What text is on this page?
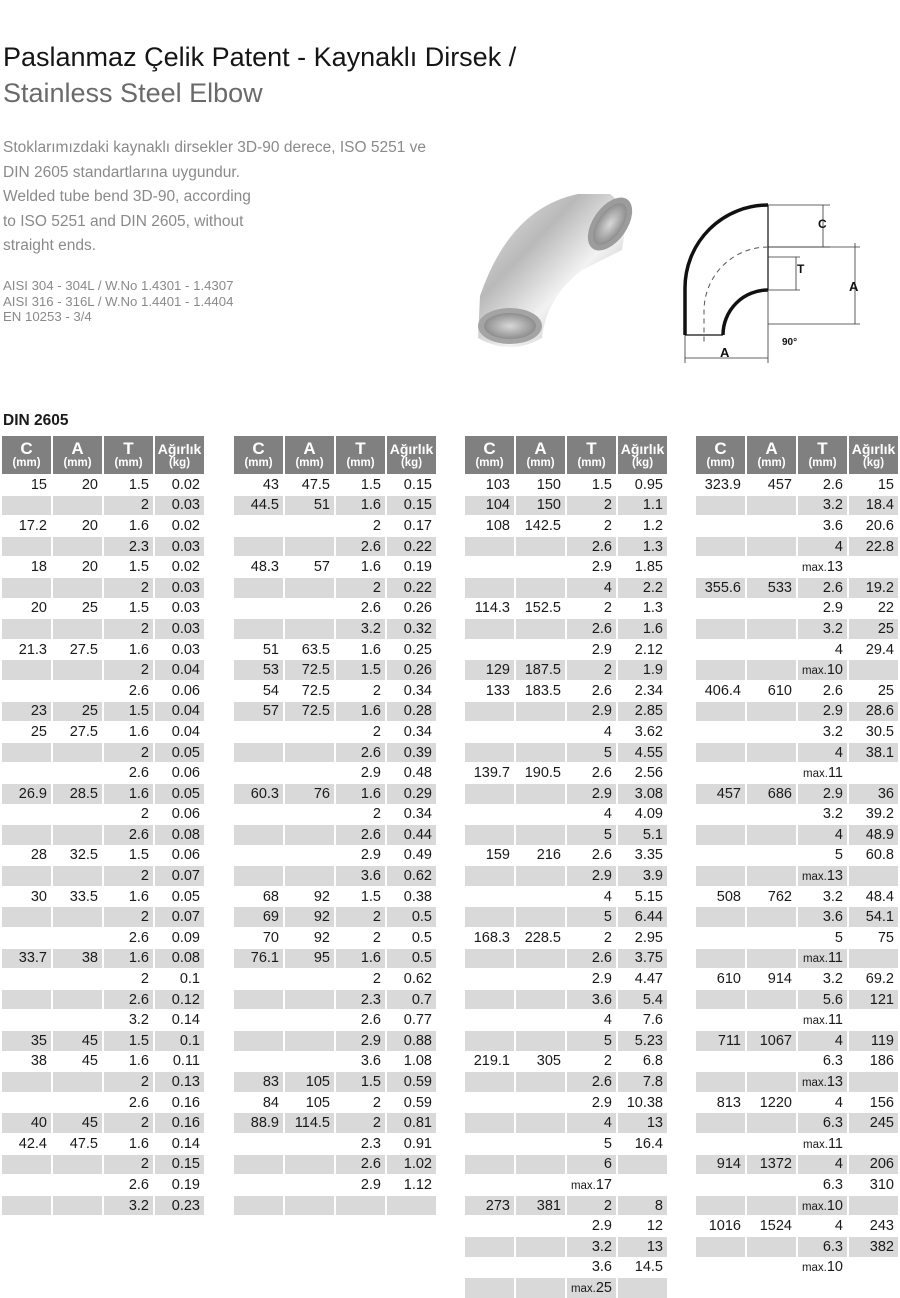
Paslanmaz Çelik Patent - Kaynaklı Dirsek /
Stainless Steel Elbow
Stoklarımızdaki kaynaklı dirsekler 3D-90 derece, ISO 5251 ve
DIN 2605 standartlarına uygundur.
Welded tube bend 3D-90, according
to ISO 5251 and DIN 2605, without
straight ends.
AISI 304 - 304L / W.No 1.4301 - 1.4307
AISI 316 - 316L / W.No 1.4401 - 1.4404
EN 10253 - 3/4
C
T
A
A
90°
DIN 2605
C
(mm)	A
(mm)	T
(mm)	Ağırlık
(kg)

15	20	1.5	0.02
		2	0.03
17.2	20	1.6	0.02
		2.3	0.03
18	20	1.5	0.02
		2	0.03
20	25	1.5	0.03
		2	0.03
21.3	27.5	1.6	0.03
		2	0.04
		2.6	0.06
23	25	1.5	0.04
25	27.5	1.6	0.04
		2	0.05
		2.6	0.06
26.9	28.5	1.6	0.05
		2	0.06
		2.6	0.08
28	32.5	1.5	0.06
		2	0.07
30	33.5	1.6	0.05
		2	0.07
		2.6	0.09
33.7	38	1.6	0.08
		2	0.1
		2.6	0.12
		3.2	0.14
35	45	1.5	0.1
38	45	1.6	0.11
		2	0.13
		2.6	0.16
40	45	2	0.16
42.4	47.5	1.6	0.14
		2	0.15
		2.6	0.19
		3.2	0.23
C
(mm)	A
(mm)	T
(mm)	Ağırlık
(kg)

43	47.5	1.5	0.15
44.5	51	1.6	0.15
		2	0.17
		2.6	0.22
48.3	57	1.6	0.19
		2	0.22
		2.6	0.26
		3.2	0.32
51	63.5	1.6	0.25
53	72.5	1.5	0.26
54	72.5	2	0.34
57	72.5	1.6	0.28
		2	0.34
		2.6	0.39
		2.9	0.48
60.3	76	1.6	0.29
		2	0.34
		2.6	0.44
		2.9	0.49
		3.6	0.62
68	92	1.5	0.38
69	92	2	0.5
70	92	2	0.5
76.1	95	1.6	0.5
		2	0.62
		2.3	0.7
		2.6	0.77
		2.9	0.88
		3.6	1.08
83	105	1.5	0.59
84	105	2	0.59
88.9	114.5	2	0.81
		2.3	0.91
		2.6	1.02
		2.9	1.12

C
(mm)	A
(mm)	T
(mm)	Ağırlık
(kg)

103	150	1.5	0.95
104	150	2	1.1
108	142.5	2	1.2
		2.6	1.3
		2.9	1.85
		4	2.2
114.3	152.5	2	1.3
		2.6	1.6
		2.9	2.12
129	187.5	2	1.9
133	183.5	2.6	2.34
		2.9	2.85
		4	3.62
		5	4.55
139.7	190.5	2.6	2.56
		2.9	3.08
		4	4.09
		5	5.1
159	216	2.6	3.35
		2.9	3.9
		4	5.15
		5	6.44
168.3	228.5	2	2.95
		2.6	3.75
		2.9	4.47
		3.6	5.4
		4	7.6
		5	5.23
219.1	305	2	6.8
		2.6	7.8
		2.9	10.38
		4	13
		5	16.4
		6	
		max.17	
273	381	2	8
		2.9	12
		3.2	13
		3.6	14.5
		max.25	
C
(mm)	A
(mm)	T
(mm)	Ağırlık
(kg)

323.9	457	2.6	15
		3.2	18.4
		3.6	20.6
		4	22.8
		max.13	
355.6	533	2.6	19.2
		2.9	22
		3.2	25
		4	29.4
		max.10	
406.4	610	2.6	25
		2.9	28.6
		3.2	30.5
		4	38.1
		max.11	
457	686	2.9	36
		3.2	39.2
		4	48.9
		5	60.8
		max.13	
508	762	3.2	48.4
		3.6	54.1
		5	75
		max.11	
610	914	3.2	69.2
		5.6	121
		max.11	
711	1067	4	119
		6.3	186
		max.13	
813	1220	4	156
		6.3	245
		max.11	
914	1372	4	206
		6.3	310
		max.10	
1016	1524	4	243
		6.3	382
		max.10	
